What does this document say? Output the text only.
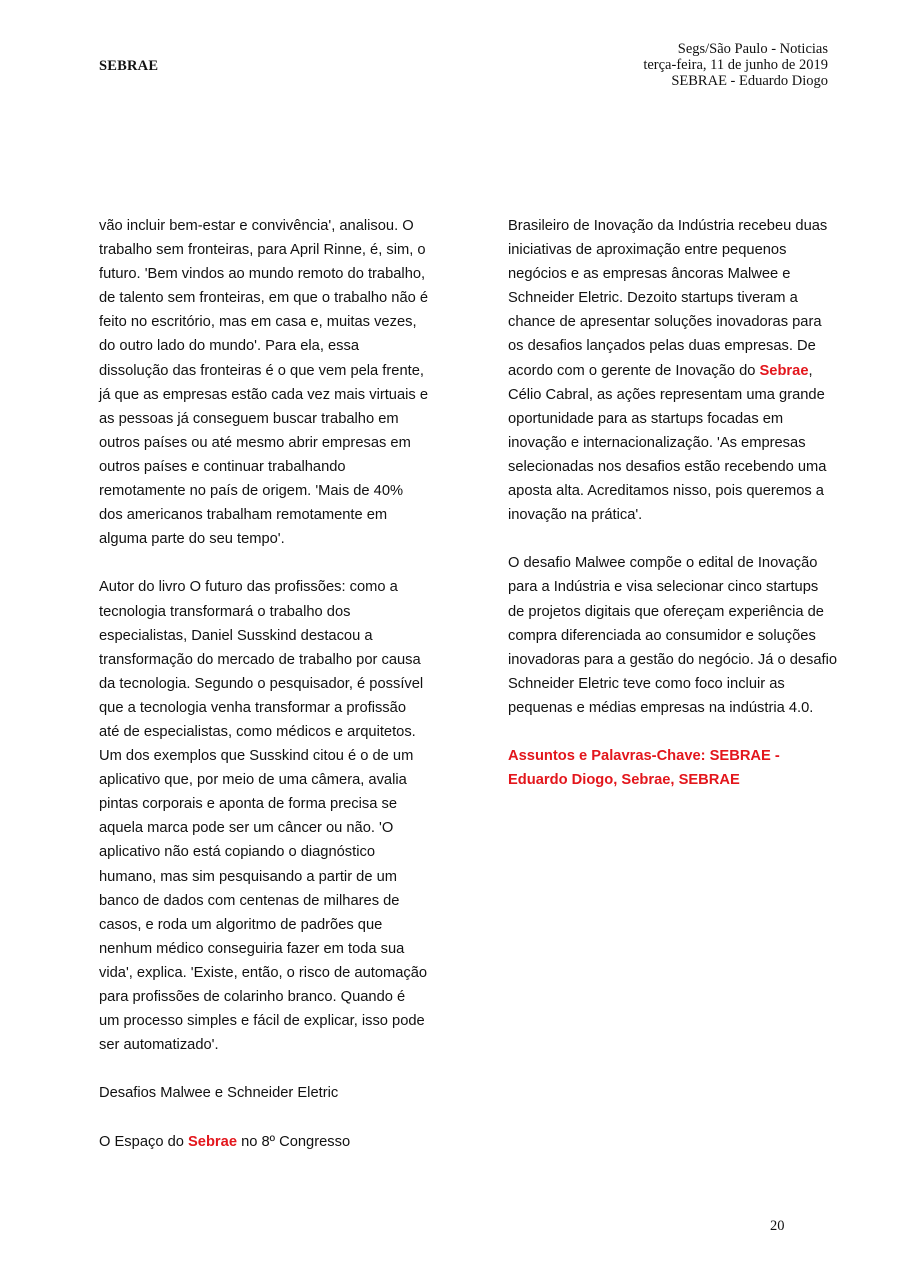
SEBRAE
Segs/São Paulo - Noticias
terça-feira, 11 de junho de 2019
SEBRAE - Eduardo Diogo

vão incluir bem-estar e convivência', analisou. O trabalho sem fronteiras, para April Rinne, é, sim, o futuro. 'Bem vindos ao mundo remoto do trabalho, de talento sem fronteiras, em que o trabalho não é feito no escritório, mas em casa e, muitas vezes, do outro lado do mundo'. Para ela, essa dissolução das fronteiras é o que vem pela frente, já que as empresas estão cada vez mais virtuais e as pessoas já conseguem buscar trabalho em outros países ou até mesmo abrir empresas em outros países e continuar trabalhando remotamente no país de origem. 'Mais de 40% dos americanos trabalham remotamente em alguma parte do seu tempo'.

Autor do livro O futuro das profissões: como a tecnologia transformará o trabalho dos especialistas, Daniel Susskind destacou a transformação do mercado de trabalho por causa da tecnologia. Segundo o pesquisador, é possível que a tecnologia venha transformar a profissão até de especialistas, como médicos e arquitetos. Um dos exemplos que Susskind citou é o de um aplicativo que, por meio de uma câmera, avalia pintas corporais e aponta de forma precisa se aquela marca pode ser um câncer ou não. 'O aplicativo não está copiando o diagnóstico humano, mas sim pesquisando a partir de um banco de dados com centenas de milhares de casos, e roda um algoritmo de padrões que nenhum médico conseguiria fazer em toda sua vida', explica. 'Existe, então, o risco de automação para profissões de colarinho branco. Quando é um processo simples e fácil de explicar, isso pode ser automatizado'.

Desafios Malwee e Schneider Eletric

O Espaço do Sebrae no 8º Congresso

Brasileiro de Inovação da Indústria recebeu duas iniciativas de aproximação entre pequenos negócios e as empresas âncoras Malwee e Schneider Eletric. Dezoito startups tiveram a chance de apresentar soluções inovadoras para os desafios lançados pelas duas empresas. De acordo com o gerente de Inovação do Sebrae, Célio Cabral, as ações representam uma grande oportunidade para as startups focadas em inovação e internacionalização. 'As empresas selecionadas nos desafios estão recebendo uma aposta alta. Acreditamos nisso, pois queremos a inovação na prática'.

O desafio Malwee compõe o edital de Inovação para a Indústria e visa selecionar cinco startups de projetos digitais que ofereçam experiência de compra diferenciada ao consumidor e soluções inovadoras para a gestão do negócio. Já o desafio Schneider Eletric teve como foco incluir as pequenas e médias empresas na indústria 4.0.

Assuntos e Palavras-Chave: SEBRAE - Eduardo Diogo, Sebrae, SEBRAE

20
